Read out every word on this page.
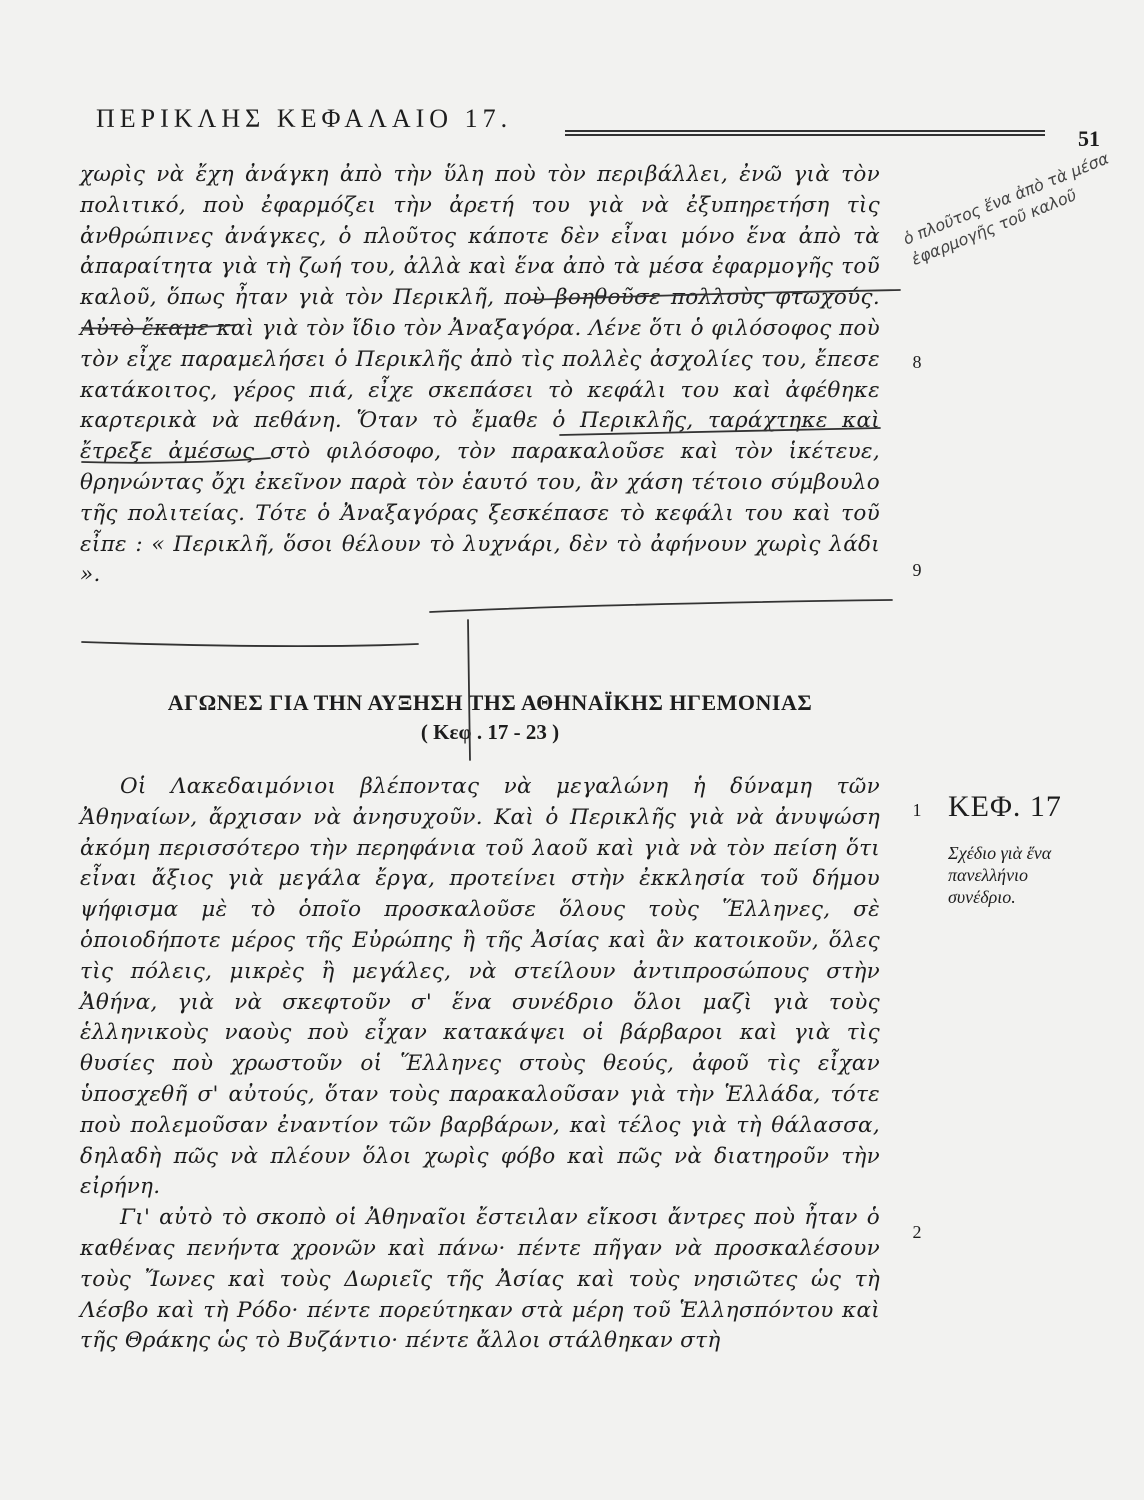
ΠΕΡΙΚΛΗΣ ΚΕΦΑΛΑΙΟ 17.
51

χωρὶς νὰ ἔχη ἀνάγκη ἀπὸ τὴν ὕλη ποὺ τὸν περιβάλλει, ἐνῶ γιὰ τὸν πολιτικό, ποὺ ἐφαρμόζει τὴν ἀρετή του γιὰ νὰ ἐξυπηρετήση τὶς ἀνθρώπινες ἀνάγκες, ὁ πλοῦτος κάποτε δὲν εἶναι μόνο ἕνα ἀπὸ τὰ ἀπαραίτητα γιὰ τὴ ζωή του, ἀλλὰ καὶ ἕνα ἀπὸ τὰ μέσα ἐφαρμογῆς τοῦ καλοῦ, ὅπως ἦταν γιὰ τὸν Περικλῆ, ποὺ βοηθοῦσε πολλοὺς φτωχούς. Αὐτὸ ἔκαμε καὶ γιὰ τὸν ἴδιο τὸν Ἀναξαγόρα. Λένε ὅτι ὁ φιλόσοφος ποὺ τὸν εἶχε παραμελήσει ὁ Περικλῆς ἀπὸ τὶς πολλὲς ἀσχολίες του, ἔπεσε κατάκοιτος, γέρος πιά, εἶχε σκεπάσει τὸ κεφάλι του καὶ ἀφέθηκε καρτερικὰ νὰ πεθάνη. Ὅταν τὸ ἔμαθε ὁ Περικλῆς, ταράχτηκε καὶ ἔτρεξε ἀμέσως στὸ φιλόσοφο, τὸν παρακαλοῦσε καὶ τὸν ἱκέτευε, θρηνώντας ὄχι ἐκεῖνον παρὰ τὸν ἑαυτό του, ἂν χάση τέτοιο σύμβουλο τῆς πολιτείας. Τότε ὁ Ἀναξαγόρας ξεσκέπασε τὸ κεφάλι του καὶ τοῦ εἶπε : « Περικλῆ, ὅσοι θέλουν τὸ λυχνάρι, δὲν τὸ ἀφήνουν χωρὶς λάδι ».

ΑΓΩΝΕΣ ΓΙΑ ΤΗΝ ΑΥΞΗΣΗ ΤΗΣ ΑΘΗΝΑΪΚΗΣ ΗΓΕΜΟΝΙΑΣ
( Κεφ . 17 - 23 )

Οἱ Λακεδαιμόνιοι βλέποντας νὰ μεγαλώνη ἡ δύναμη τῶν Ἀθηναίων, ἄρχισαν νὰ ἀνησυχοῦν. Καὶ ὁ Περικλῆς γιὰ νὰ ἀνυψώση ἀκόμη περισσότερο τὴν περηφάνια τοῦ λαοῦ καὶ γιὰ νὰ τὸν πείση ὅτι εἶναι ἄξιος γιὰ μεγάλα ἔργα, προτείνει στὴν ἐκκλησία τοῦ δήμου ψήφισμα μὲ τὸ ὁποῖο προσκαλοῦσε ὅλους τοὺς Ἕλληνες, σὲ ὁποιοδήποτε μέρος τῆς Εὐρώπης ἢ τῆς Ἀσίας καὶ ἂν κατοικοῦν, ὅλες τὶς πόλεις, μικρὲς ἢ μεγάλες, νὰ στείλουν ἀντιπροσώπους στὴν Ἀθήνα, γιὰ νὰ σκεφτοῦν σ' ἕνα συνέδριο ὅλοι μαζὶ γιὰ τοὺς ἑλληνικοὺς ναοὺς ποὺ εἶχαν κατακάψει οἱ βάρβαροι καὶ γιὰ τὶς θυσίες ποὺ χρωστοῦν οἱ Ἕλληνες στοὺς θεούς, ἀφοῦ τὶς εἶχαν ὑποσχεθῆ σ' αὐτούς, ὅταν τοὺς παρακαλοῦσαν γιὰ τὴν Ἑλλάδα, τότε ποὺ πολεμοῦσαν ἐναντίον τῶν βαρβάρων, καὶ τέλος γιὰ τὴ θάλασσα, δηλαδὴ πῶς νὰ πλέουν ὅλοι χωρὶς φόβο καὶ πῶς νὰ διατηροῦν τὴν εἰρήνη.

Γι' αὐτὸ τὸ σκοπὸ οἱ Ἀθηναῖοι ἔστειλαν εἴκοσι ἄντρες ποὺ ἦταν ὁ καθένας πενήντα χρονῶν καὶ πάνω· πέντε πῆγαν νὰ προσκαλέσουν τοὺς Ἴωνες καὶ τοὺς Δωριεῖς τῆς Ἀσίας καὶ τοὺς νησιῶτες ὡς τὴ Λέσβο καὶ τὴ Ρόδο· πέντε πορεύτηκαν στὰ μέρη τοῦ Ἑλλησπόντου καὶ τῆς Θράκης ὡς τὸ Βυζάντιο· πέντε ἄλλοι στάλθηκαν στὴ

8
9
1
2
ΚΕΦ. 17
Σχέδιο γιὰ ἕνα πανελλήνιο συνέδριο.
ὁ πλοῦτος ἕνα ἀπὸ τὰ μέσα ἐφαρμογῆς τοῦ καλοῦ
